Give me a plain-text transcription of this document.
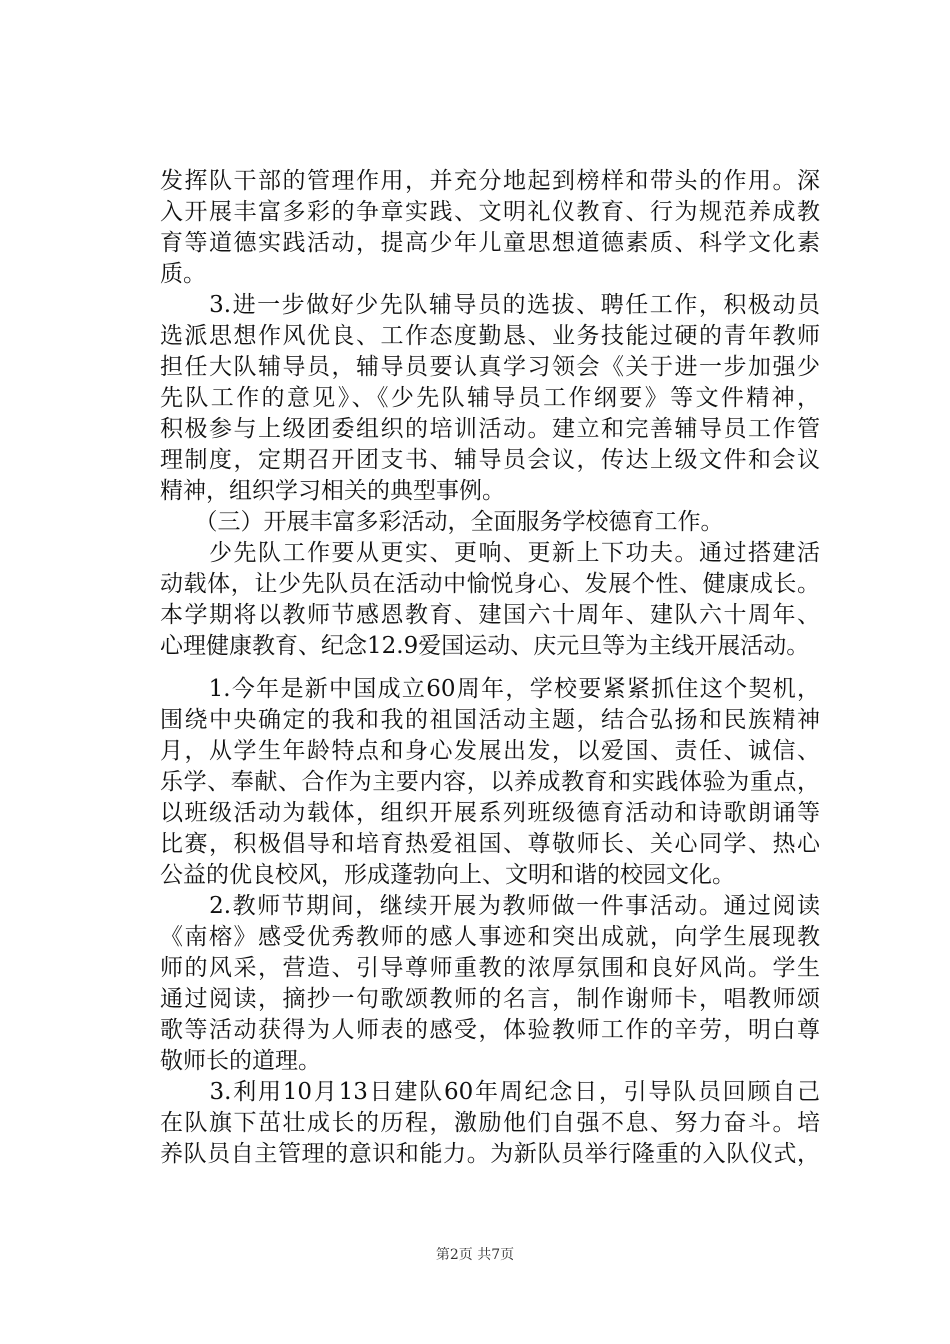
发挥队干部的管理作用，并充分地起到榜样和带头的作用。深
入开展丰富多彩的争章实践、文明礼仪教育、行为规范养成教
育等道德实践活动，提高少年儿童思想道德素质、科学文化素
质。
　　3.进一步做好少先队辅导员的选拔、聘任工作，积极动员
选派思想作风优良、工作态度勤恳、业务技能过硬的青年教师
担任大队辅导员，辅导员要认真学习领会《关于进一步加强少
先队工作的意见》、《少先队辅导员工作纲要》等文件精神，
积极参与上级团委组织的培训活动。建立和完善辅导员工作管
理制度，定期召开团支书、辅导员会议，传达上级文件和会议
精神，组织学习相关的典型事例。
　　（三）开展丰富多彩活动，全面服务学校德育工作。
　　少先队工作要从更实、更响、更新上下功夫。通过搭建活
动载体，让少先队员在活动中愉悦身心、发展个性、健康成长。
本学期将以教师节感恩教育、建国六十周年、建队六十周年、
心理健康教育、纪念12.9爱国运动、庆元旦等为主线开展活动。
　　1.今年是新中国成立60周年，学校要紧紧抓住这个契机，
围绕中央确定的我和我的祖国活动主题，结合弘扬和民族精神
月，从学生年龄特点和身心发展出发，以爱国、责任、诚信、
乐学、奉献、合作为主要内容，以养成教育和实践体验为重点，
以班级活动为载体，组织开展系列班级德育活动和诗歌朗诵等
比赛，积极倡导和培育热爱祖国、尊敬师长、关心同学、热心
公益的优良校风，形成蓬勃向上、文明和谐的校园文化。
　　2.教师节期间，继续开展为教师做一件事活动。通过阅读
《南榕》感受优秀教师的感人事迹和突出成就，向学生展现教
师的风采，营造、引导尊师重教的浓厚氛围和良好风尚。学生
通过阅读，摘抄一句歌颂教师的名言，制作谢师卡，唱教师颂
歌等活动获得为人师表的感受，体验教师工作的辛劳，明白尊
敬师长的道理。
　　3.利用10月13日建队60年周纪念日，引导队员回顾自己
在队旗下茁壮成长的历程，激励他们自强不息、努力奋斗。培
养队员自主管理的意识和能力。为新队员举行隆重的入队仪式，
第2页 共7页
